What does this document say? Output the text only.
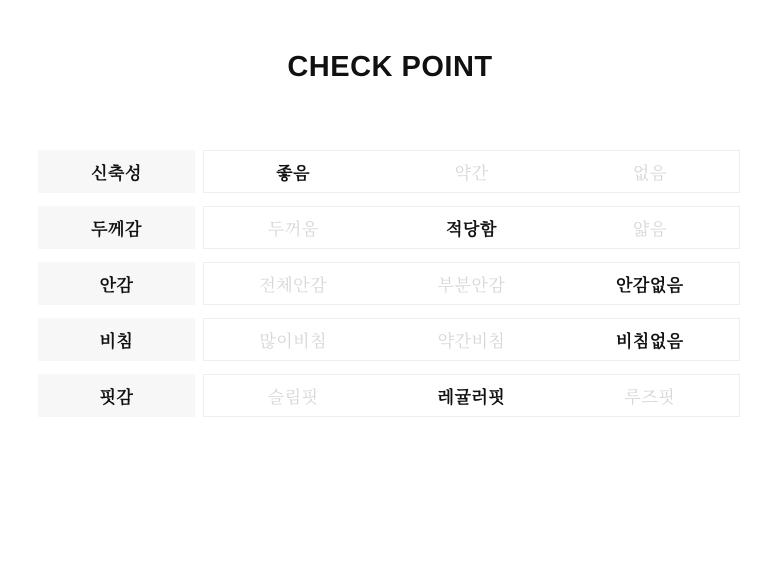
CHECK POINT
신축성	좋음	약간	없음
두께감	두꺼움	적당함	얇음
안감	전체안감	부분안감	안감없음
비침	많이비침	약간비침	비침없음
핏감	슬림핏	레귤러핏	루즈핏
